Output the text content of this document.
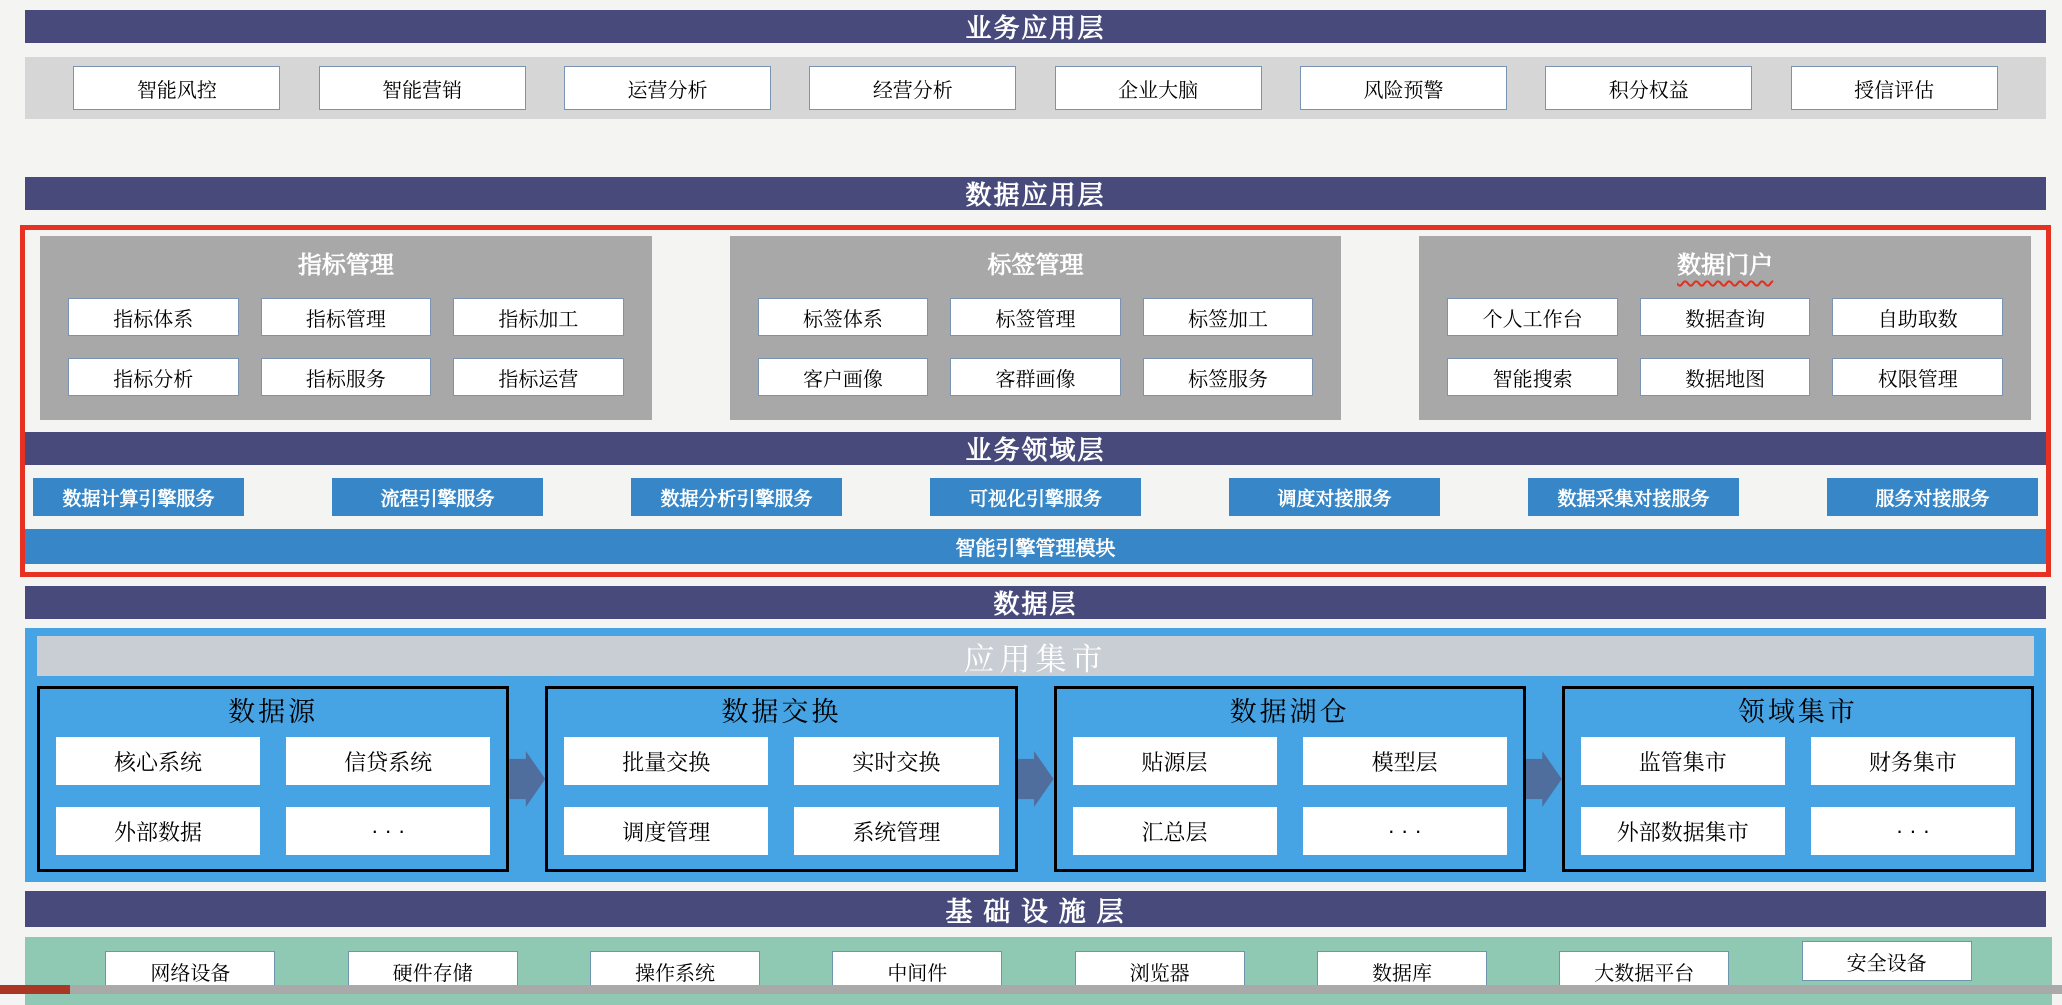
业务应用层
智能风控	智能营销	运营分析	经营分析	企业大脑	风险预警	积分权益	授信评估
数据应用层
指标管理
指标体系	指标管理	指标加工
指标分析	指标服务	指标运营
标签管理
标签体系	标签管理	标签加工
客户画像	客群画像	标签服务
数据门户
个人工作台	数据查询	自助取数
智能搜索	数据地图	权限管理
业务领域层
数据计算引擎服务	流程引擎服务	数据分析引擎服务	可视化引擎服务	调度对接服务	数据采集对接服务	服务对接服务
智能引擎管理模块
数据层
应用集市
数据源
核心系统	信贷系统
外部数据	· · ·
数据交换
批量交换	实时交换
调度管理	系统管理
数据湖仓
贴源层	模型层
汇总层	· · ·
领域集市
监管集市	财务集市
外部数据集市	· · ·
基 础 设 施 层
网络设备	硬件存储	操作系统	中间件	浏览器	数据库	大数据平台	安全设备
